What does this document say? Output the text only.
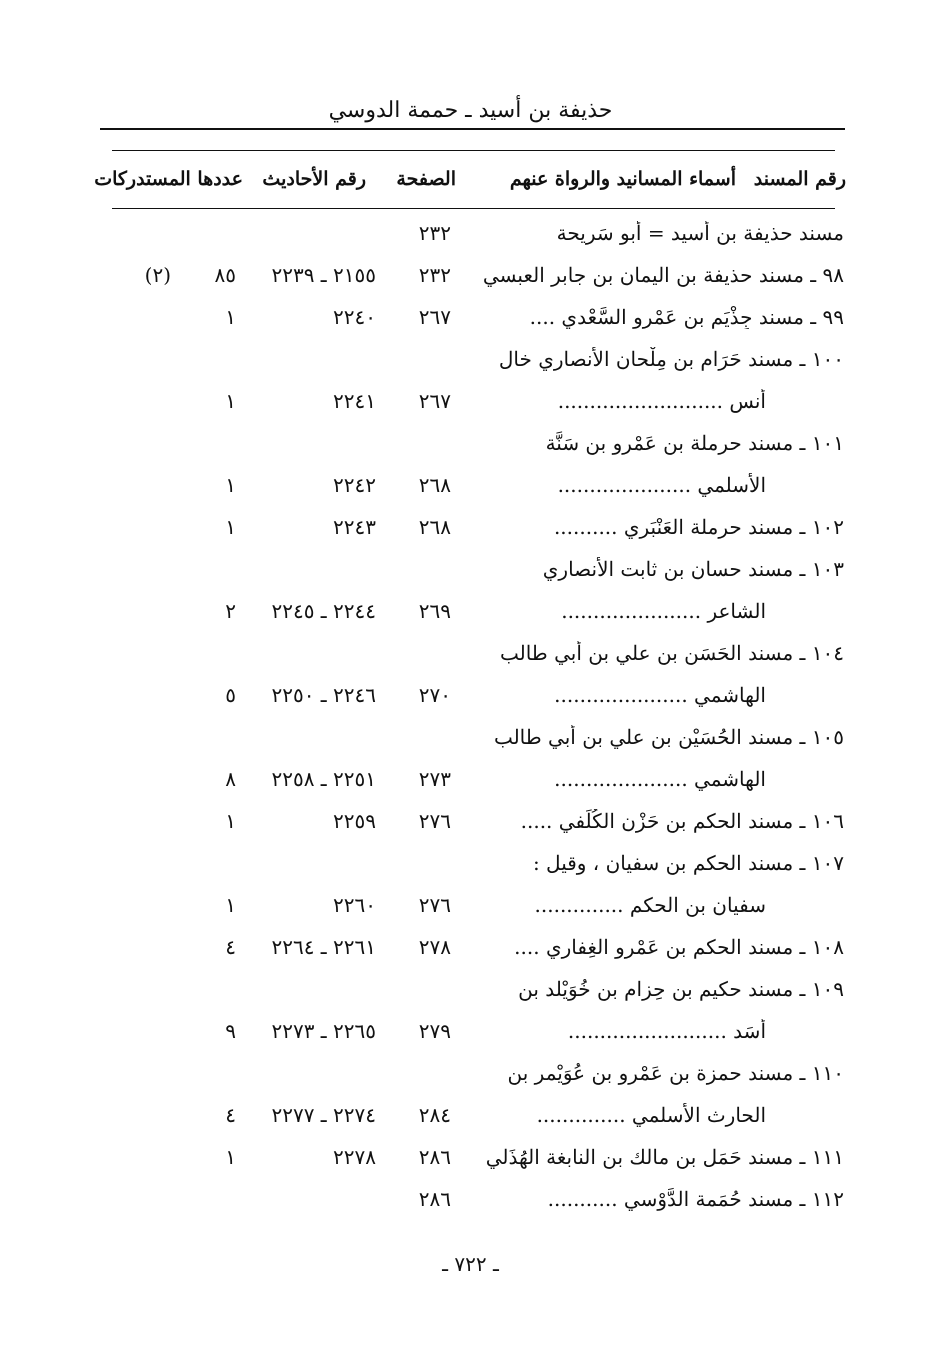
حذيفة بن أسيد ـ حممة الدوسي
رقم المسند
أسماء المسانيد والرواة عنهم
الصفحة
رقم الأحاديث
عددها المستدركات
مسند حذيفة بن أَسيد = أبو سَرِيحة
٢٣٢
٩٨ ـ مسند حذيفة بن اليمان بن جابر العبسي
٢٣٢
٢١٥٥ ـ ٢٢٣٩
٨٥
(٢)
٩٩ ـ مسند جِذْيَم بن عَمْرو السَّعْدي ....
٢٦٧
٢٢٤٠
١
١٠٠ ـ مسند حَرَام بن مِلْحان الأنصاري خال
أنس ..........................
٢٦٧
٢٢٤١
١
١٠١ ـ مسند حرملة بن عَمْرو بن سَنَّة
الأسلمي .....................
٢٦٨
٢٢٤٢
١
١٠٢ ـ مسند حرملة العَنْبَري ..........
٢٦٨
٢٢٤٣
١
١٠٣ ـ مسند حسان بن ثابت الأنصاري
الشاعر ......................
٢٦٩
٢٢٤٤ ـ ٢٢٤٥
٢
١٠٤ ـ مسند الحَسَن بن علي بن أبي طالب
الهاشمي .....................
٢٧٠
٢٢٤٦ ـ ٢٢٥٠
٥
١٠٥ ـ مسند الحُسَيْن بن علي بن أبي طالب
الهاشمي .....................
٢٧٣
٢٢٥١ ـ ٢٢٥٨
٨
١٠٦ ـ مسند الحكم بن حَزْن الكُلَفي .....
٢٧٦
٢٢٥٩
١
١٠٧ ـ مسند الحكم بن سفيان ، وقيل :
سفيان بن الحكم ..............
٢٧٦
٢٢٦٠
١
١٠٨ ـ مسند الحكم بن عَمْرو الغِفاري ....
٢٧٨
٢٢٦١ ـ ٢٢٦٤
٤
١٠٩ ـ مسند حكيم بن حِزام بن خُوَيْلد بن
أَسَد .........................
٢٧٩
٢٢٦٥ ـ ٢٢٧٣
٩
١١٠ ـ مسند حمزة بن عَمْرو بن عُوَيْمر بن
الحارث الأسلمي ..............
٢٨٤
٢٢٧٤ ـ ٢٢٧٧
٤
١١١ ـ مسند حَمَل بن مالك بن النابغة الهُذَلي
٢٨٦
٢٢٧٨
١
١١٢ ـ مسند حُمَمة الدَّوْسي ...........
٢٨٦
ـ ٧٢٢ ـ
